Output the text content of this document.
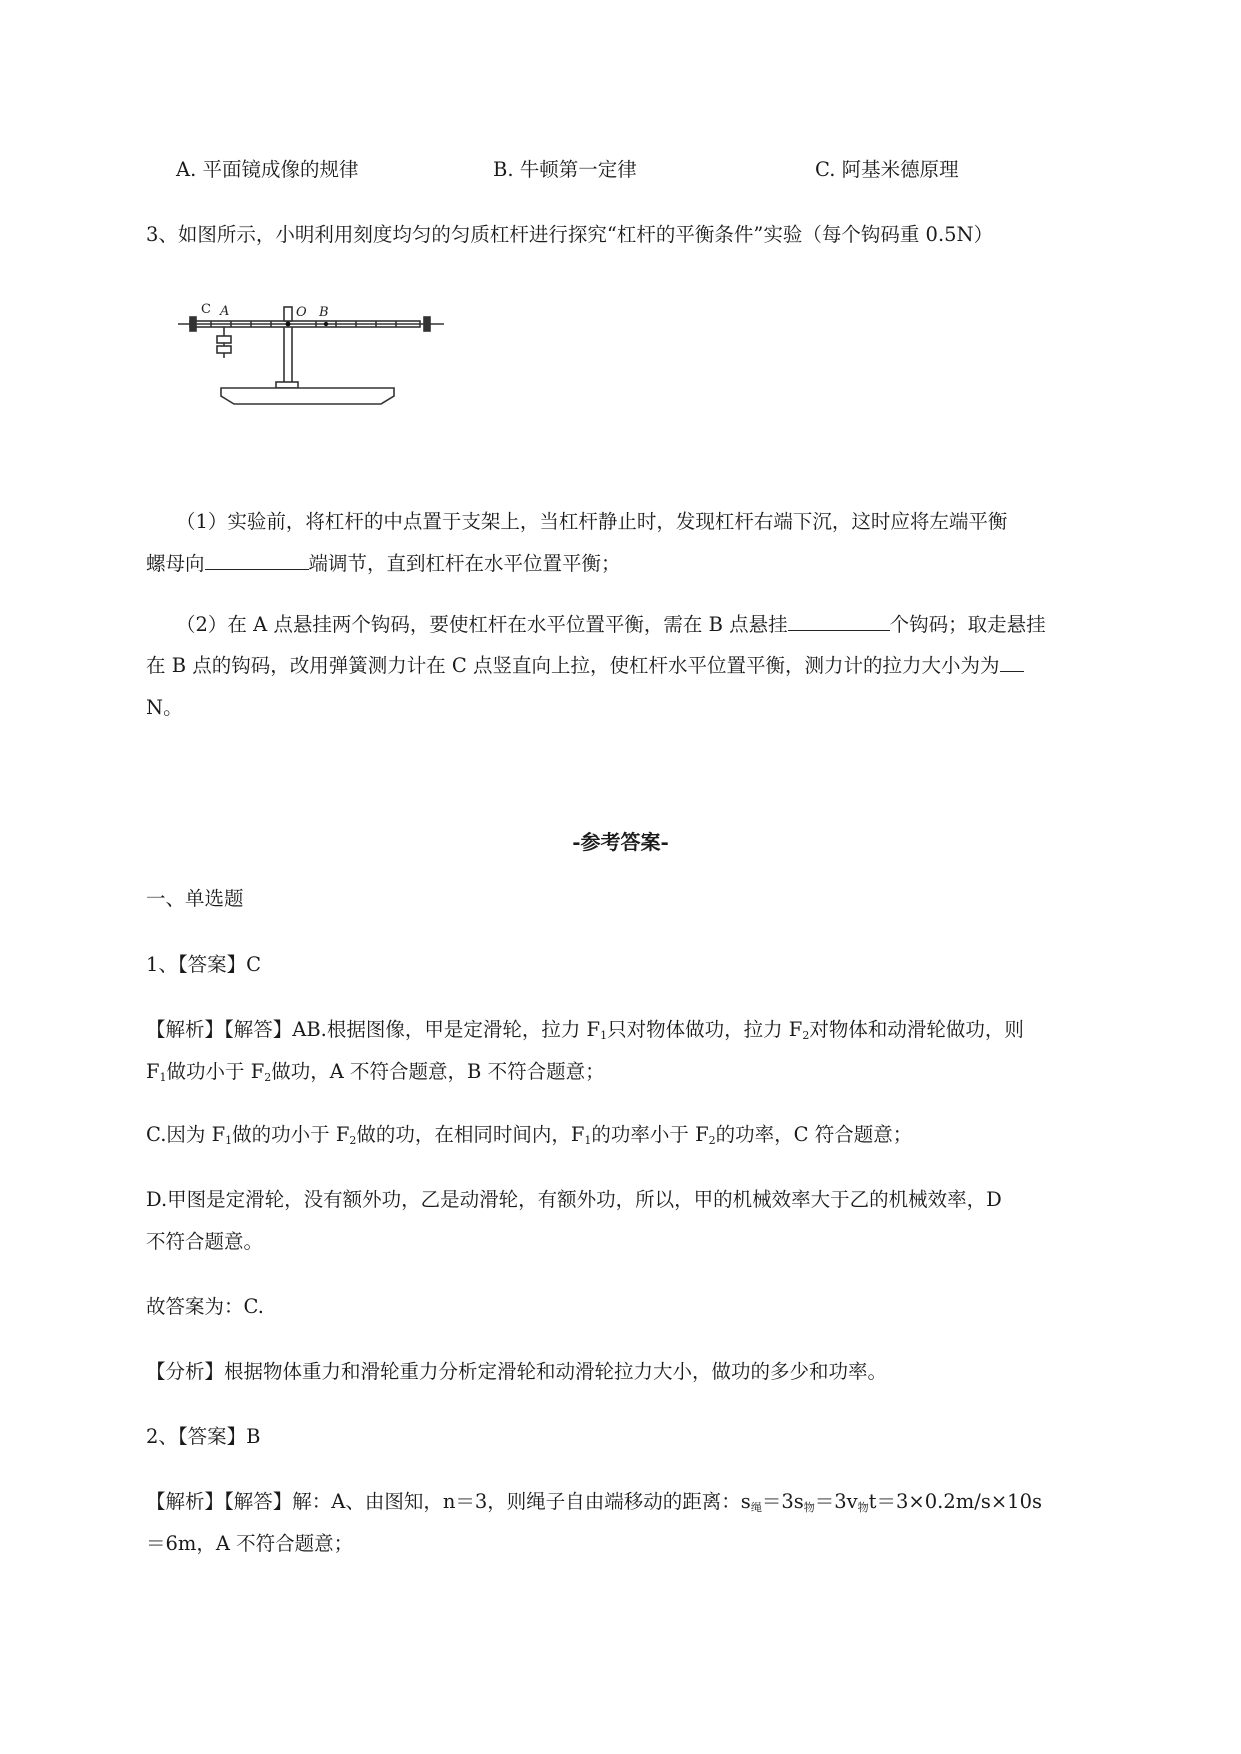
A. 平面镜成像的规律	B. 牛顿第一定律	C. 阿基米德原理
3、如图所示，小明利用刻度均匀的匀质杠杆进行探究“杠杆的平衡条件”实验（每个钩码重 0.5N）
C A	O B
（1）实验前，将杠杆的中点置于支架上，当杠杆静止时，发现杠杆右端下沉，这时应将左端平衡
螺母向	端调节，直到杠杆在水平位置平衡；
（2）在 A 点悬挂两个钩码，要使杠杆在水平位置平衡，需在 B 点悬挂	个钩码；取走悬挂
在 B 点的钩码，改用弹簧测力计在 C 点竖直向上拉，使杠杆水平位置平衡，测力计的拉力大小为为
N。
-参考答案-
一、单选题
1、【答案】C
【解析】【解答】AB.根据图像，甲是定滑轮，拉力 $F_1$只对物体做功，拉力 $F_2$对物体和动滑轮做功，则
$F_1$做功小于 $F_2$做功，A 不符合题意，B 不符合题意；
C.因为 $F_1$做的功小于 $F_2$做的功，在相同时间内，$F_1$的功率小于 $F_2$的功率，C 符合题意；
D.甲图是定滑轮，没有额外功，乙是动滑轮，有额外功，所以，甲的机械效率大于乙的机械效率，D
不符合题意。
故答案为：C.
【分析】根据物体重力和滑轮重力分析定滑轮和动滑轮拉力大小，做功的多少和功率。
2、【答案】B
【解析】【解答】解：A、由图知，n＝3，则绳子自由端移动的距离：s绳＝3s物＝3v物t＝3×0.2m/s×10s
＝6m，A 不符合题意；
